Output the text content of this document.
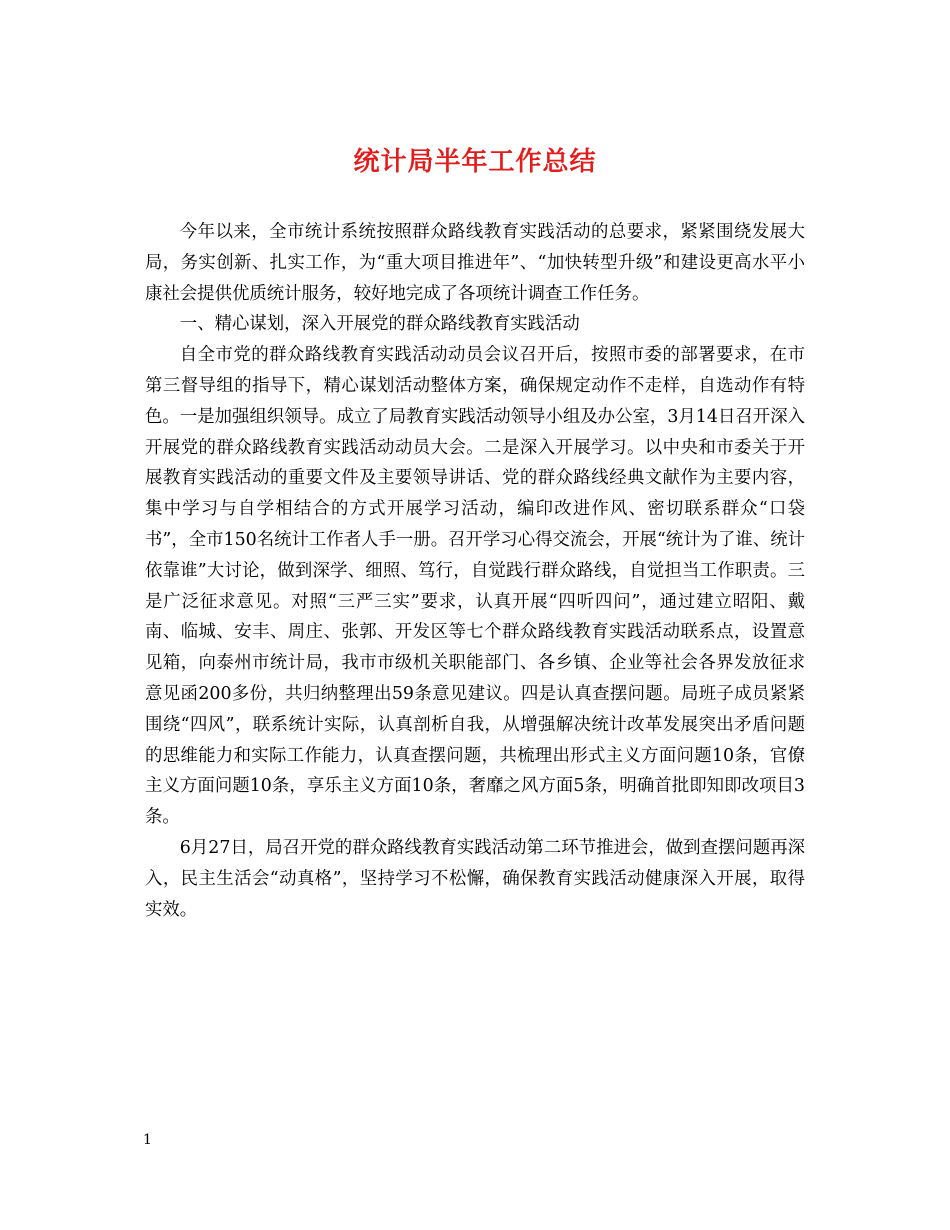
统计局半年工作总结

今年以来，全市统计系统按照群众路线教育实践活动的总要求，紧紧围绕发展大局，务实创新、扎实工作，为“重大项目推进年”、“加快转型升级”和建设更高水平小康社会提供优质统计服务，较好地完成了各项统计调查工作任务。

一、精心谋划，深入开展党的群众路线教育实践活动

自全市党的群众路线教育实践活动动员会议召开后，按照市委的部署要求，在市第三督导组的指导下，精心谋划活动整体方案，确保规定动作不走样，自选动作有特色。一是加强组织领导。成立了局教育实践活动领导小组及办公室，3月14日召开深入开展党的群众路线教育实践活动动员大会。二是深入开展学习。以中央和市委关于开展教育实践活动的重要文件及主要领导讲话、党的群众路线经典文献作为主要内容，集中学习与自学相结合的方式开展学习活动，编印改进作风、密切联系群众“口袋书”，全市150名统计工作者人手一册。召开学习心得交流会，开展“统计为了谁、统计依靠谁”大讨论，做到深学、细照、笃行，自觉践行群众路线，自觉担当工作职责。三是广泛征求意见。对照“三严三实”要求，认真开展“四听四问”，通过建立昭阳、戴南、临城、安丰、周庄、张郭、开发区等七个群众路线教育实践活动联系点，设置意见箱，向泰州市统计局，我市市级机关职能部门、各乡镇、企业等社会各界发放征求意见函200多份，共归纳整理出59条意见建议。四是认真查摆问题。局班子成员紧紧围绕“四风”，联系统计实际，认真剖析自我，从增强解决统计改革发展突出矛盾问题的思维能力和实际工作能力，认真查摆问题，共梳理出形式主义方面问题10条，官僚主义方面问题10条，享乐主义方面10条，奢靡之风方面5条，明确首批即知即改项目3条。

6月27日，局召开党的群众路线教育实践活动第二环节推进会，做到查摆问题再深入，民主生活会“动真格”，坚持学习不松懈，确保教育实践活动健康深入开展，取得实效。

1
